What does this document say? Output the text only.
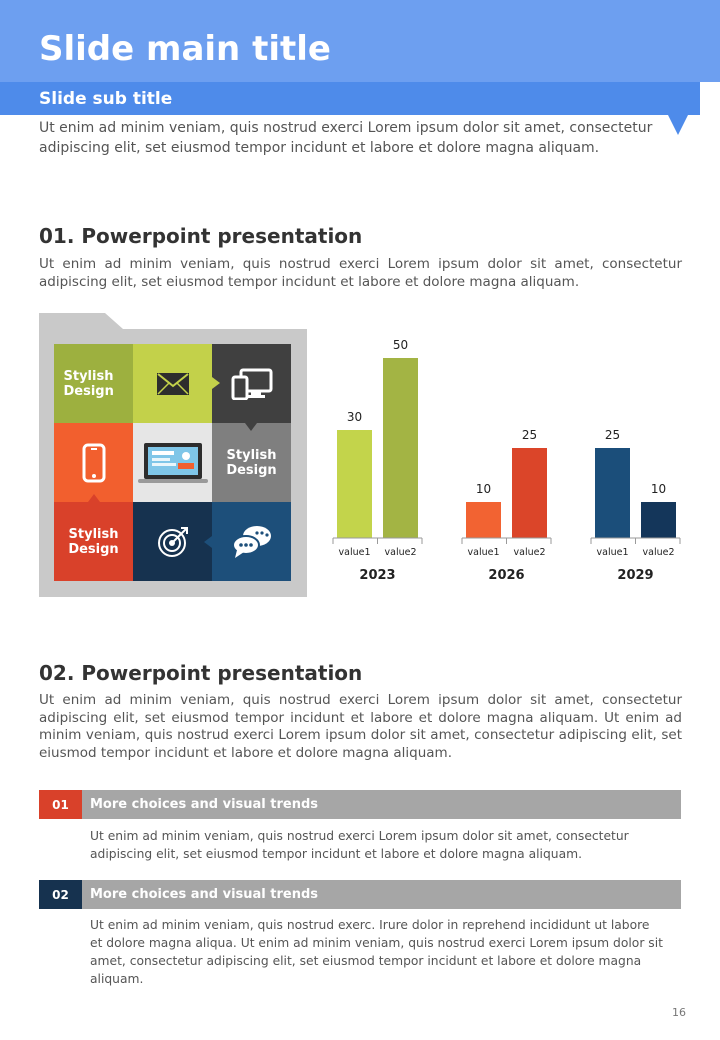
Slide main title
Slide sub title
Ut enim ad minim veniam, quis nostrud exerci Lorem ipsum dolor sit amet, consectetur adipiscing elit, set eiusmod tempor incidunt et labore et dolore magna aliquam.
01. Powerpoint presentation
Ut enim ad minim veniam, quis nostrud exerci Lorem ipsum dolor sit amet, consectetur adipiscing elit, set eiusmod tempor incidunt et labore et dolore magna aliquam.
Stylish Design
Stylish Design
Stylish Design
30
value1
50
value2
2023
10
value1
25
value2
2026
25
value1
10
value2
2029
02. Powerpoint presentation
Ut enim ad minim veniam, quis nostrud exerci Lorem ipsum dolor sit amet, consectetur adipiscing elit, set eiusmod tempor incidunt et labore et dolore magna aliquam. Ut enim ad minim veniam, quis nostrud exerci Lorem ipsum dolor sit amet, consectetur adipiscing elit, set eiusmod tempor incidunt et labore et dolore magna aliquam.
01	More choices and visual trends
Ut enim ad minim veniam, quis nostrud exerci Lorem ipsum dolor sit amet, consectetur adipiscing elit, set eiusmod tempor incidunt et labore et dolore magna aliquam.
02	More choices and visual trends
Ut enim ad minim veniam, quis nostrud exerc. Irure dolor in reprehend incididunt ut labore et dolore magna aliqua. Ut enim ad minim veniam, quis nostrud exerci Lorem ipsum dolor sit amet, consectetur adipiscing elit, set eiusmod tempor incidunt et labore et dolore magna aliquam.
16
